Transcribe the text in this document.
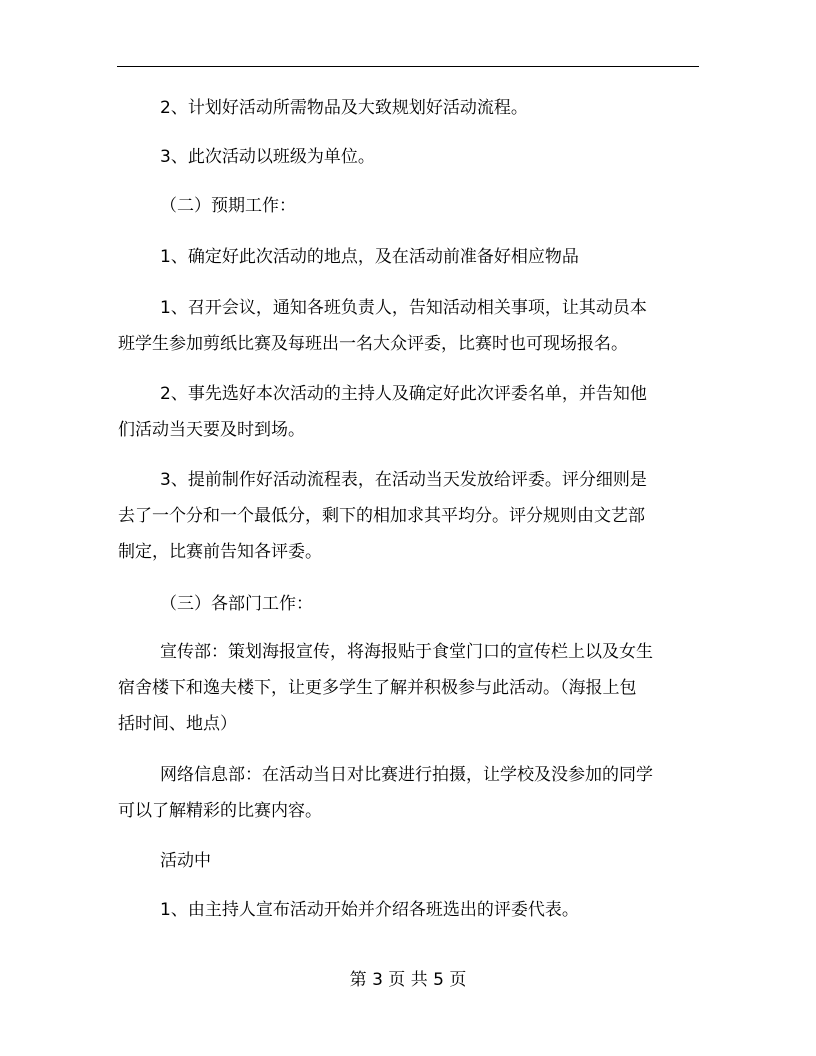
2、计划好活动所需物品及大致规划好活动流程。

3、此次活动以班级为单位。

（二）预期工作：

1、确定好此次活动的地点，及在活动前准备好相应物品

1、召开会议，通知各班负责人，告知活动相关事项，让其动员本
班学生参加剪纸比赛及每班出一名大众评委，比赛时也可现场报名。

2、事先选好本次活动的主持人及确定好此次评委名单，并告知他
们活动当天要及时到场。

3、提前制作好活动流程表，在活动当天发放给评委。评分细则是
去了一个分和一个最低分，剩下的相加求其平均分。评分规则由文艺部
制定，比赛前告知各评委。

（三）各部门工作：

宣传部：策划海报宣传，将海报贴于食堂门口的宣传栏上以及女生
宿舍楼下和逸夫楼下，让更多学生了解并积极参与此活动。（海报上包
括时间、地点）

网络信息部：在活动当日对比赛进行拍摄，让学校及没参加的同学
可以了解精彩的比赛内容。

活动中

1、由主持人宣布活动开始并介绍各班选出的评委代表。

第 3 页 共 5 页
